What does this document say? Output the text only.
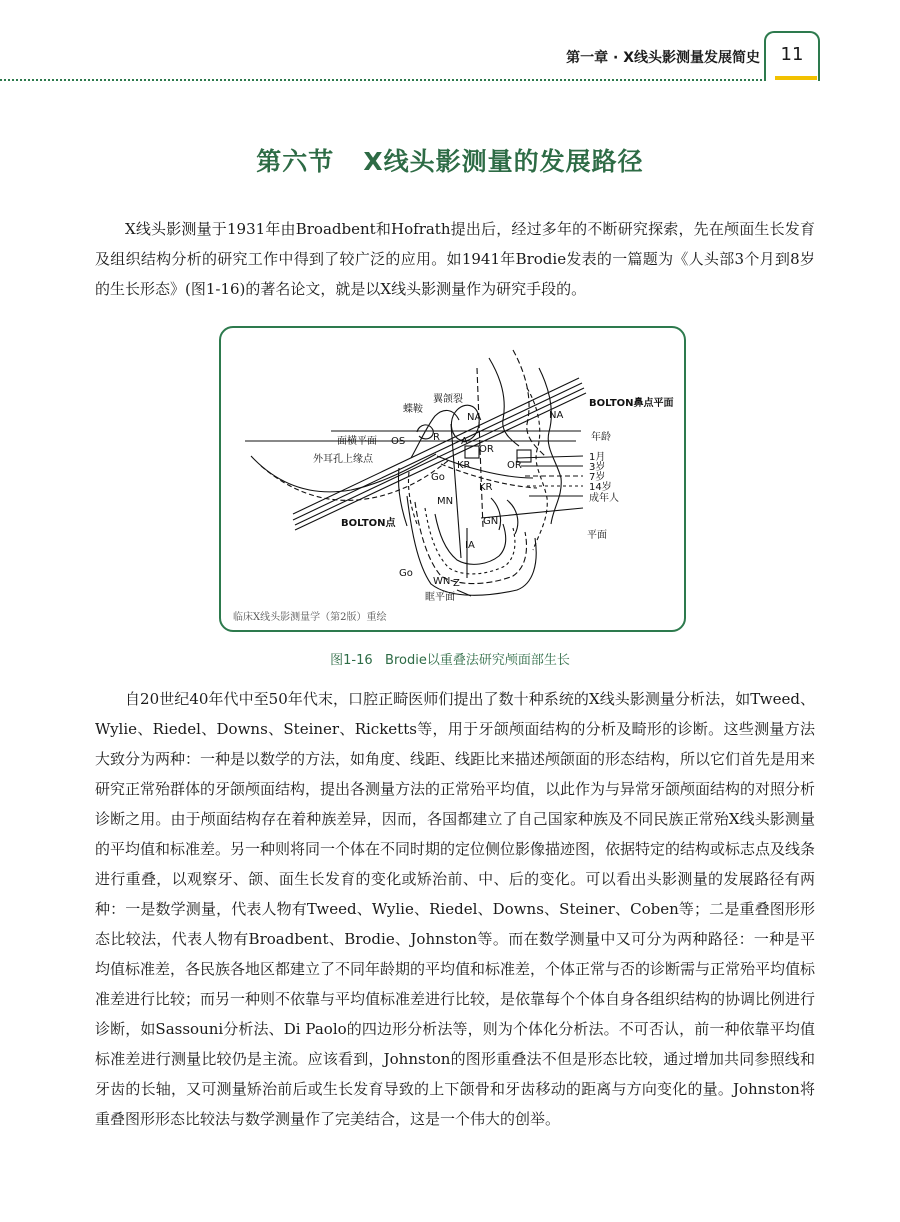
第一章 · X线头影测量发展简史	11
第六节   X线头影测量的发展路径

X线头影测量于1931年由Broadbent和Hofrath提出后，经过多年的不断研究探索，先在颅面生长发育及组织结构分析的研究工作中得到了较广泛的应用。如1941年Brodie发表的一篇题为《人头部3个月到8岁的生长形态》(图1-16)的著名论文，就是以X线头影测量作为研究手段的。

翼颌裂
蝶鞍
NA	NA
BOLTON鼻点平面
面横平面 OS	R A
OR
外耳孔上缘点
KR	OR
Go
KR
MN
BOLTON点	GN
IA
Go
WN Z
眶平面
平面
年龄
1月
3岁
7岁
14岁
成年人
临床X线头影测量学（第2版）重绘
图1-16   Brodie以重叠法研究颅面部生长

自20世纪40年代中至50年代末，口腔正畸医师们提出了数十种系统的X线头影测量分析法，如Tweed、Wylie、Riedel、Downs、Steiner、Ricketts等，用于牙颌颅面结构的分析及畸形的诊断。这些测量方法大致分为两种：一种是以数学的方法，如角度、线距、线距比来描述颅颌面的形态结构，所以它们首先是用来研究正常殆群体的牙颌颅面结构，提出各测量方法的正常殆平均值，以此作为与异常牙颌颅面结构的对照分析诊断之用。由于颅面结构存在着种族差异，因而，各国都建立了自己国家种族及不同民族正常殆X线头影测量的平均值和标准差。另一种则将同一个体在不同时期的定位侧位影像描迹图，依据特定的结构或标志点及线条进行重叠，以观察牙、颌、面生长发育的变化或矫治前、中、后的变化。可以看出头影测量的发展路径有两种：一是数学测量，代表人物有Tweed、Wylie、Riedel、Downs、Steiner、Coben等；二是重叠图形形态比较法，代表人物有Broadbent、Brodie、Johnston等。而在数学测量中又可分为两种路径：一种是平均值标准差，各民族各地区都建立了不同年龄期的平均值和标准差，个体正常与否的诊断需与正常殆平均值标准差进行比较；而另一种则不依靠与平均值标准差进行比较，是依靠每个个体自身各组织结构的协调比例进行诊断，如Sassouni分析法、Di Paolo的四边形分析法等，则为个体化分析法。不可否认，前一种依靠平均值标准差进行测量比较仍是主流。应该看到，Johnston的图形重叠法不但是形态比较，通过增加共同参照线和牙齿的长轴，又可测量矫治前后或生长发育导致的上下颌骨和牙齿移动的距离与方向变化的量。Johnston将重叠图形形态比较法与数学测量作了完美结合，这是一个伟大的创举。
